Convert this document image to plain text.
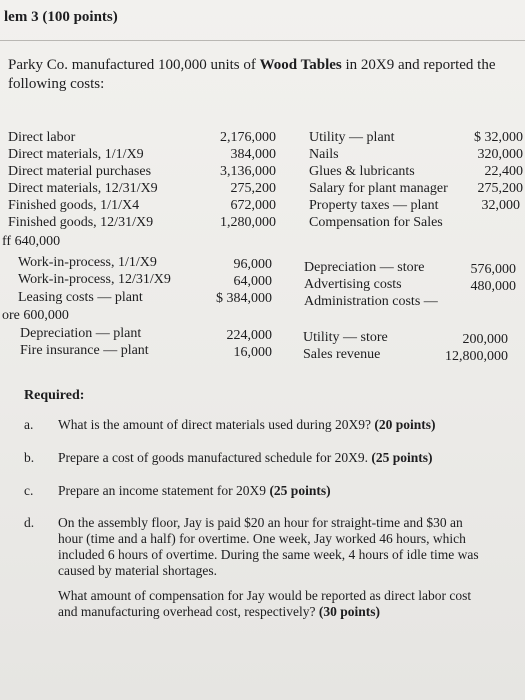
lem 3 (100 points)
Parky Co. manufactured 100,000 units of Wood Tables in 20X9 and reported the
following costs:
Direct labor
Direct materials, 1/1/X9
Direct material purchases
Direct materials, 12/31/X9
Finished goods, 1/1/X4
Finished goods, 12/31/X9
2,176,000
384,000
3,136,000
275,200
672,000
1,280,000
Utility — plant
Nails
Glues & lubricants
Salary for plant manager
Property taxes — plant
Compensation for Sales
$ 32,000
320,000
22,400
275,200
32,000
ff 640,000
Work-in-process, 1/1/X9
Work-in-process, 12/31/X9
Leasing costs — plant
96,000
64,000
$ 384,000
Depreciation — store
Advertising costs
Administration costs —
576,000
480,000
ore 600,000
Depreciation — plant
Fire insurance — plant
224,000
16,000
Utility — store
Sales revenue
200,000
12,800,000
Required:
a. What is the amount of direct materials used during 20X9? (20 points)
b. Prepare a cost of goods manufactured schedule for 20X9. (25 points)
c. Prepare an income statement for 20X9 (25 points)
d. On the assembly floor, Jay is paid $20 an hour for straight-time and $30 an
hour (time and a half) for overtime. One week, Jay worked 46 hours, which
included 6 hours of overtime. During the same week, 4 hours of idle time was
caused by material shortages.
What amount of compensation for Jay would be reported as direct labor cost
and manufacturing overhead cost, respectively? (30 points)
